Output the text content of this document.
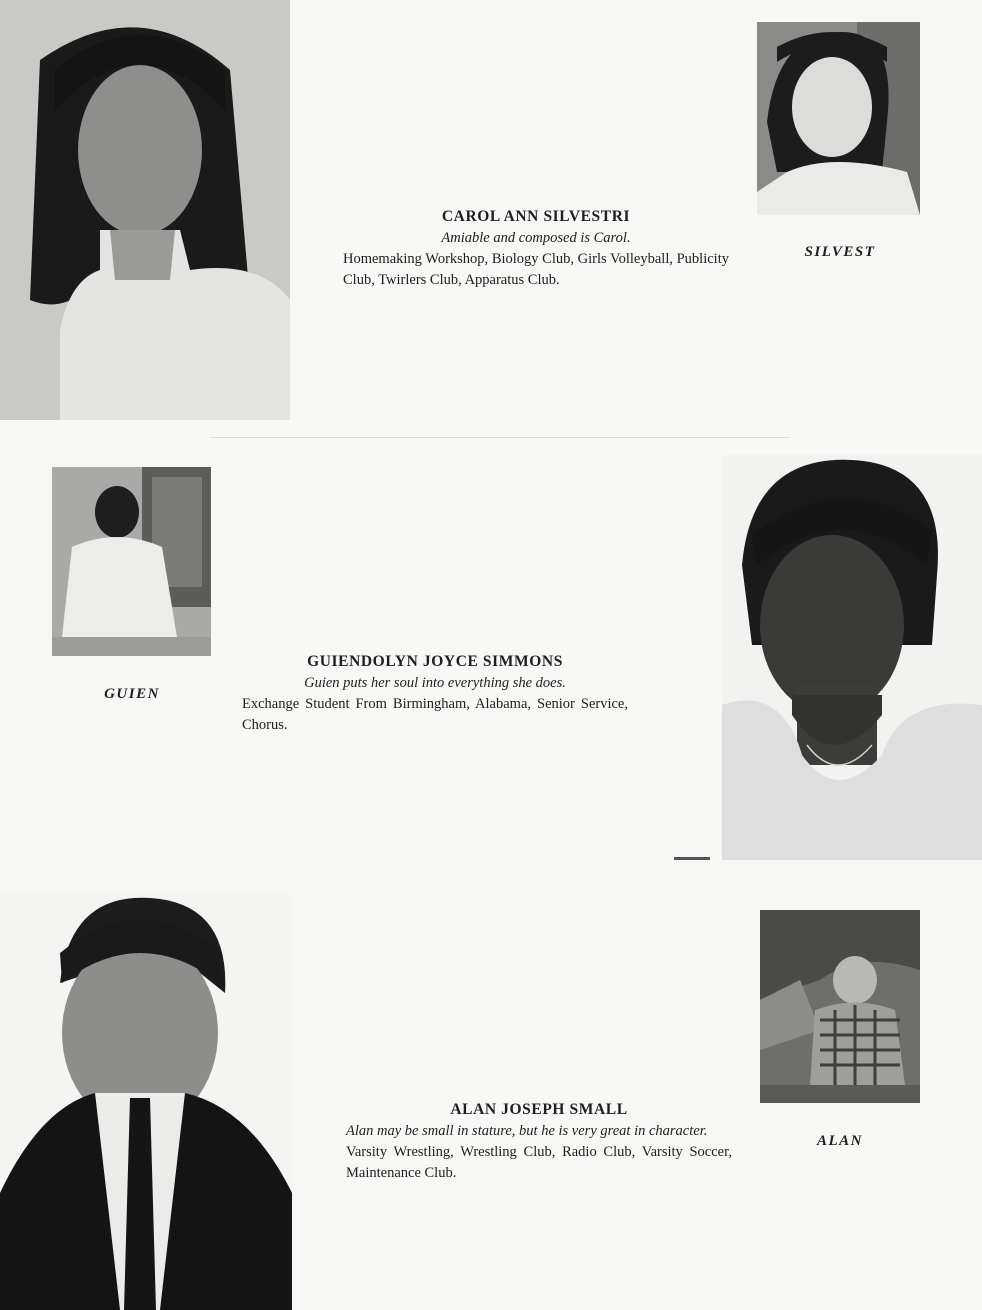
CAROL ANN SILVESTRI
Amiable and composed is Carol.
Homemaking Workshop, Biology Club, Girls Volleyball, Publicity Club, Twirlers Club, Apparatus Club.
SILVEST
GUIEN
GUIENDOLYN JOYCE SIMMONS
Guien puts her soul into everything she does.
Exchange Student From Birmingham, Alabama, Senior Service, Chorus.
ALAN JOSEPH SMALL
Alan may be small in stature, but he is very great in character.
Varsity Wrestling, Wrestling Club, Radio Club, Varsity Soccer, Maintenance Club.
ALAN
